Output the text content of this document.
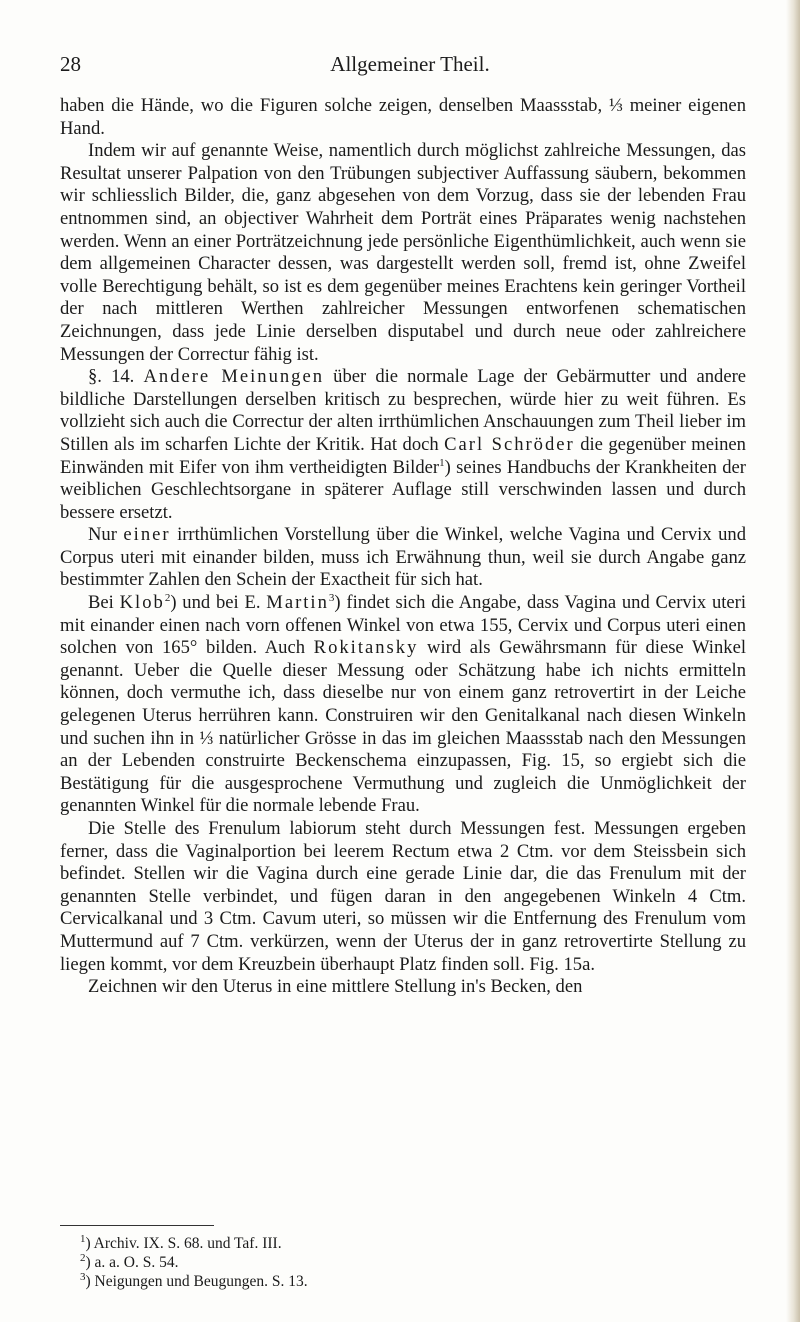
28	Allgemeiner Theil.

haben die Hände, wo die Figuren solche zeigen, denselben Maassstab, ⅓ meiner eigenen Hand.

Indem wir auf genannte Weise, namentlich durch möglichst zahlreiche Messungen, das Resultat unserer Palpation von den Trübungen subjectiver Auffassung säubern, bekommen wir schliesslich Bilder, die, ganz abgesehen von dem Vorzug, dass sie der lebenden Frau entnommen sind, an objectiver Wahrheit dem Porträt eines Präparates wenig nachstehen werden. Wenn an einer Porträtzeichnung jede persönliche Eigenthümlichkeit, auch wenn sie dem allgemeinen Character dessen, was dargestellt werden soll, fremd ist, ohne Zweifel volle Berechtigung behält, so ist es dem gegenüber meines Erachtens kein geringer Vortheil der nach mittleren Werthen zahlreicher Messungen entworfenen schematischen Zeichnungen, dass jede Linie derselben disputabel und durch neue oder zahlreichere Messungen der Correctur fähig ist.

§. 14. Andere Meinungen über die normale Lage der Gebärmutter und andere bildliche Darstellungen derselben kritisch zu besprechen, würde hier zu weit führen. Es vollzieht sich auch die Correctur der alten irrthümlichen Anschauungen zum Theil lieber im Stillen als im scharfen Lichte der Kritik. Hat doch Carl Schröder die gegenüber meinen Einwänden mit Eifer von ihm vertheidigten Bilder$^1$) seines Handbuchs der Krankheiten der weiblichen Geschlechtsorgane in späterer Auflage still verschwinden lassen und durch bessere ersetzt.

Nur einer irrthümlichen Vorstellung über die Winkel, welche Vagina und Cervix und Corpus uteri mit einander bilden, muss ich Erwähnung thun, weil sie durch Angabe ganz bestimmter Zahlen den Schein der Exactheit für sich hat.

Bei Klob$^2$) und bei E. Martin$^3$) findet sich die Angabe, dass Vagina und Cervix uteri mit einander einen nach vorn offenen Winkel von etwa 155, Cervix und Corpus uteri einen solchen von 165° bilden. Auch Rokitansky wird als Gewährsmann für diese Winkel genannt. Ueber die Quelle dieser Messung oder Schätzung habe ich nichts ermitteln können, doch vermuthe ich, dass dieselbe nur von einem ganz retrovertirt in der Leiche gelegenen Uterus herrühren kann. Construiren wir den Genitalkanal nach diesen Winkeln und suchen ihn in ⅓ natürlicher Grösse in das im gleichen Maassstab nach den Messungen an der Lebenden construirte Beckenschema einzupassen, Fig. 15, so ergiebt sich die Bestätigung für die ausgesprochene Vermuthung und zugleich die Unmöglichkeit der genannten Winkel für die normale lebende Frau.

Die Stelle des Frenulum labiorum steht durch Messungen fest. Messungen ergeben ferner, dass die Vaginalportion bei leerem Rectum etwa 2 Ctm. vor dem Steissbein sich befindet. Stellen wir die Vagina durch eine gerade Linie dar, die das Frenulum mit der genannten Stelle verbindet, und fügen daran in den angegebenen Winkeln 4 Ctm. Cervicalkanal und 3 Ctm. Cavum uteri, so müssen wir die Entfernung des Frenulum vom Muttermund auf 7 Ctm. verkürzen, wenn der Uterus der in ganz retrovertirte Stellung zu liegen kommt, vor dem Kreuzbein überhaupt Platz finden soll. Fig. 15a.

Zeichnen wir den Uterus in eine mittlere Stellung in's Becken, den

$^1$) Archiv. IX. S. 68. und Taf. III.
$^2$) a. a. O. S. 54.
$^3$) Neigungen und Beugungen. S. 13.
